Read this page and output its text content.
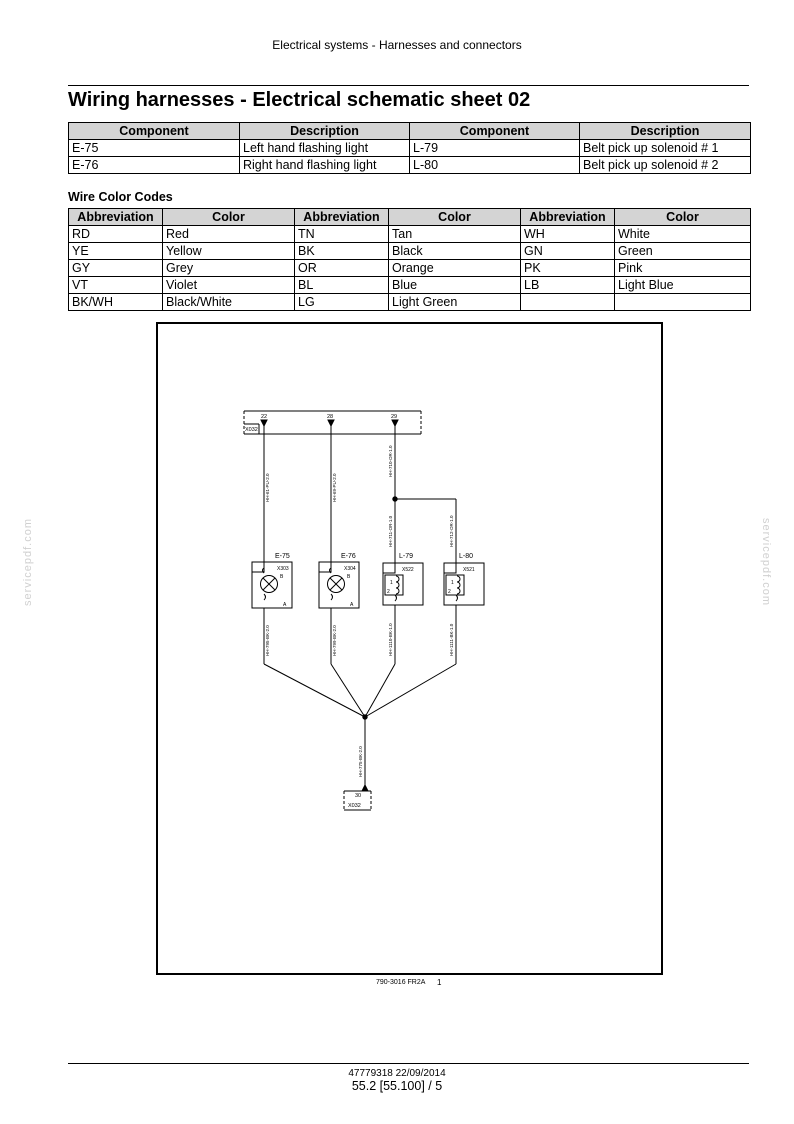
Electrical systems - Harnesses and connectors
Wiring harnesses - Electrical schematic sheet 02
Component	Description	Component	Description
E-75	Left hand flashing light	L-79	Belt pick up solenoid # 1
E-76	Right hand flashing light	L-80	Belt pick up solenoid # 2
Wire Color Codes
Abbreviation	Color	Abbreviation	Color	Abbreviation	Color
RD	Red	TN	Tan	WH	White
YE	Yellow	BK	Black	GN	Green
GY	Grey	OR	Orange	PK	Pink
VT	Violet	BL	Blue	LB	Light Blue
BK/WH	Black/White	LG	Light Green		
X032
22	28	29
E-75	E-76	L-79	L-80
X303	X304	X522	X521
B	B
1	1
A	A
2	2
HH-61-PU-2.0	HH-69-PU-2.0
HH-710-OR-1.0
HH-711-OR-1.0	HH-712-OR-1.0
HH-795-BK-2.0	HH-799-BK-2.0	HH-1110-BK-1.0	HH-1111-BK-1.0
HH-775-BK-2.0
30
X032
790-3016 FR2A 1
47779318 22/09/2014
55.2 [55.100] / 5
servicepdf.com	servicepdf.com
